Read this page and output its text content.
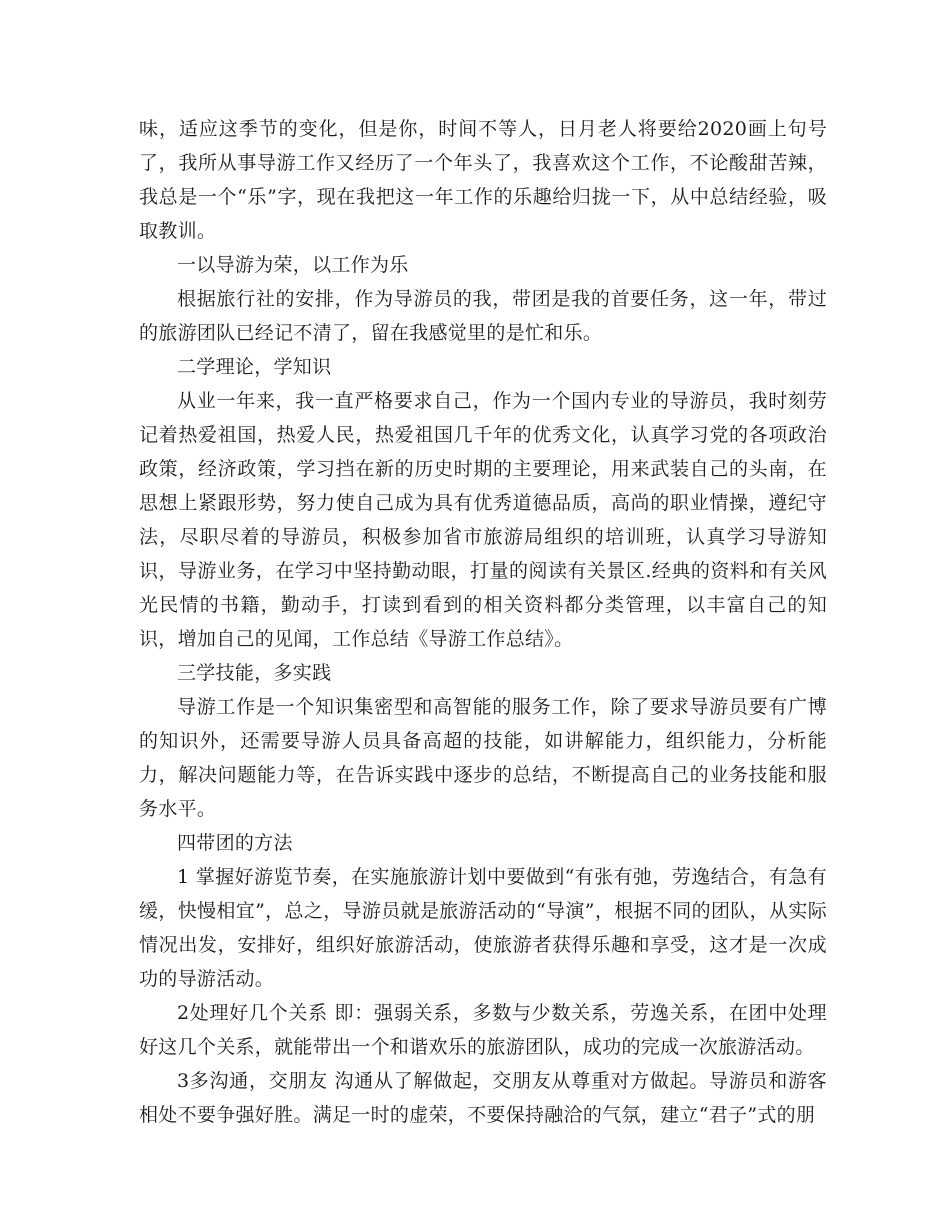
味，适应这季节的变化，但是你，时间不等人，日月老人将要给2020画上句号了，我所从事导游工作又经历了一个年头了，我喜欢这个工作，不论酸甜苦辣，我总是一个“乐”字，现在我把这一年工作的乐趣给归拢一下，从中总结经验，吸取教训。

一以导游为荣，以工作为乐

根据旅行社的安排，作为导游员的我，带团是我的首要任务，这一年，带过的旅游团队已经记不清了，留在我感觉里的是忙和乐。

二学理论，学知识

从业一年来，我一直严格要求自己，作为一个国内专业的导游员，我时刻劳记着热爱祖国，热爱人民，热爱祖国几千年的优秀文化，认真学习党的各项政治政策，经济政策，学习挡在新的历史时期的主要理论，用来武装自己的头南，在思想上紧跟形势，努力使自己成为具有优秀道德品质，高尚的职业情操，遵纪守法，尽职尽着的导游员，积极参加省市旅游局组织的培训班，认真学习导游知识，导游业务，在学习中坚持勤动眼，打量的阅读有关景区.经典的资料和有关风光民情的书籍，勤动手，打读到看到的相关资料都分类管理，以丰富自己的知识，增加自己的见闻，工作总结《导游工作总结》。

三学技能，多实践

导游工作是一个知识集密型和高智能的服务工作，除了要求导游员要有广博的知识外，还需要导游人员具备高超的技能，如讲解能力，组织能力，分析能力，解决问题能力等，在告诉实践中逐步的总结，不断提高自己的业务技能和服务水平。

四带团的方法

1 掌握好游览节奏，在实施旅游计划中要做到“有张有弛，劳逸结合，有急有缓，快慢相宜”，总之，导游员就是旅游活动的“导演”，根据不同的团队，从实际情况出发，安排好，组织好旅游活动，使旅游者获得乐趣和享受，这才是一次成功的导游活动。

2处理好几个关系 即：强弱关系，多数与少数关系，劳逸关系，在团中处理好这几个关系，就能带出一个和谐欢乐的旅游团队，成功的完成一次旅游活动。

3多沟通，交朋友 沟通从了解做起，交朋友从尊重对方做起。导游员和游客相处不要争强好胜。满足一时的虚荣，不要保持融洽的气氛，建立“君子”式的朋
